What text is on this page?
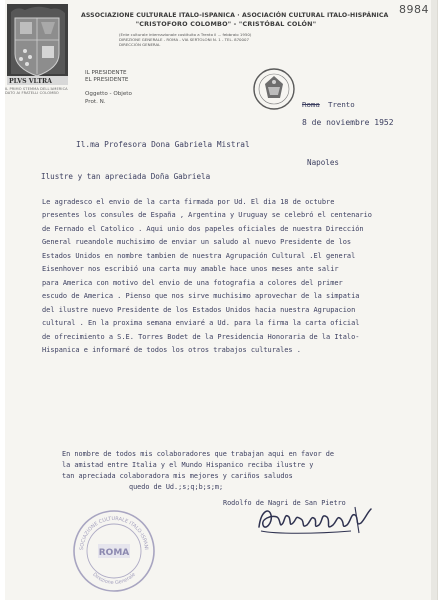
PLVS VLTRA
IL PRIMO STEMMA DELL'AMERICA DATO AI FRATELLI COLOMBO
ASSOCIAZIONE CULTURALE ITALO-ISPANICA · ASOCIACIÓN CULTURAL ITALO-HISPÁNICA
"CRISTOFORO COLOMBO" - "CRISTÓBAL COLÓN"
(Ente culturale internazionale costituito a Trento il ... febbraio 1950)
DIREZIONE GENERALE - ROMA - VIA SERTOLONI N. 1 - TEL. 870007
DIRECCIÓN GENERAL
IL PRESIDENTE
EL PRESIDENTE
Oggetto - Objeto
Prot. N.
8984
Roma Trento
8 de noviembre 1952
Il.ma Profesora Dona Gabriela Mistral
Napoles
Ilustre y tan apreciada Doña Gabriela
Le agradesco el envio de la carta firmada por Ud. El dia 18 de octubre
presentes los consules de España , Argentina y Uruguay se celebró el centenario
de Fernado el Catolico . Aqui unio dos papeles oficiales de nuestra Dirección
General rueandole muchisimo de enviar un saludo al nuevo Presidente de los
Estados Unidos en nombre tambien de nuestra Agrupación Cultural .El general
Eisenhover nos escribió una carta muy amable hace unos meses ante salir
para America con motivo del envio de una fotografia a colores del primer
escudo de America . Pienso que nos sirve muchisimo aprovechar de la simpatia
del ilustre nuevo Presidente de los Estados Unidos hacia nuestra Agrupacion
cultural . En la proxima semana enviaré a Ud. para la firma la carta oficial
de ofrecimiento a S.E. Torres Bodet de la Presidencia Honoraria de la Italo-
Hispanica e informaré de todos los otros trabajos culturales .
En nombre de todos mis colaboradores que trabajan aqui en favor de
la amistad entre Italia y el Mundo Hispanico reciba ilustre y
tan apreciada colaboradora mis mejores y cariños saludos
quedo de Ud.;s;q;b;s;m;
Rodolfo de Nagri de San Pietro
SOCIAZIONE CULTURALE ITALO-ISPANI
ROMA
Direzione Generale
